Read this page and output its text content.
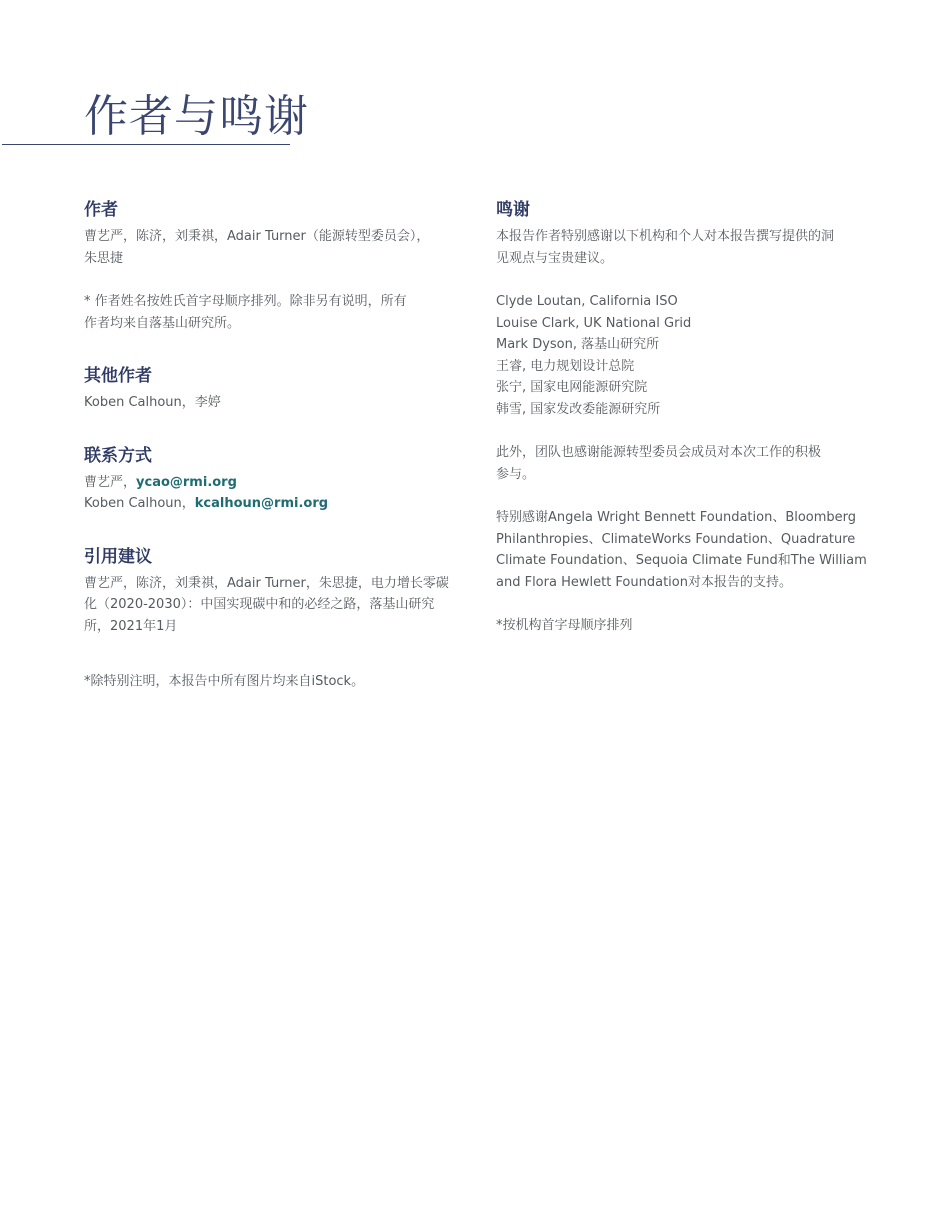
作者与鸣谢
作者

曹艺严，陈济，刘秉祺，Adair Turner（能源转型委员会），
朱思捷

* 作者姓名按姓氏首字母顺序排列。除非另有说明，所有
作者均来自落基山研究所。

其他作者

Koben Calhoun，李婷

联系方式

曹艺严，ycao@rmi.org

Koben Calhoun，kcalhoun@rmi.org

引用建议

曹艺严，陈济，刘秉祺，Adair Turner，朱思捷，电力增长零碳
化（2020-2030）：中国实现碳中和的必经之路，落基山研究
所，2021年1月

*除特别注明，本报告中所有图片均来自iStock。

鸣谢

本报告作者特别感谢以下机构和个人对本报告撰写提供的洞
见观点与宝贵建议。

Clyde Loutan, California ISO
Louise Clark, UK National Grid
Mark Dyson, 落基山研究所
王睿, 电力规划设计总院
张宁, 国家电网能源研究院
韩雪, 国家发改委能源研究所

此外，团队也感谢能源转型委员会成员对本次工作的积极
参与。

特别感谢Angela Wright Bennett Foundation、Bloomberg
Philanthropies、ClimateWorks Foundation、Quadrature
Climate Foundation、Sequoia Climate Fund和The William
and Flora Hewlett Foundation对本报告的支持。

*按机构首字母顺序排列
